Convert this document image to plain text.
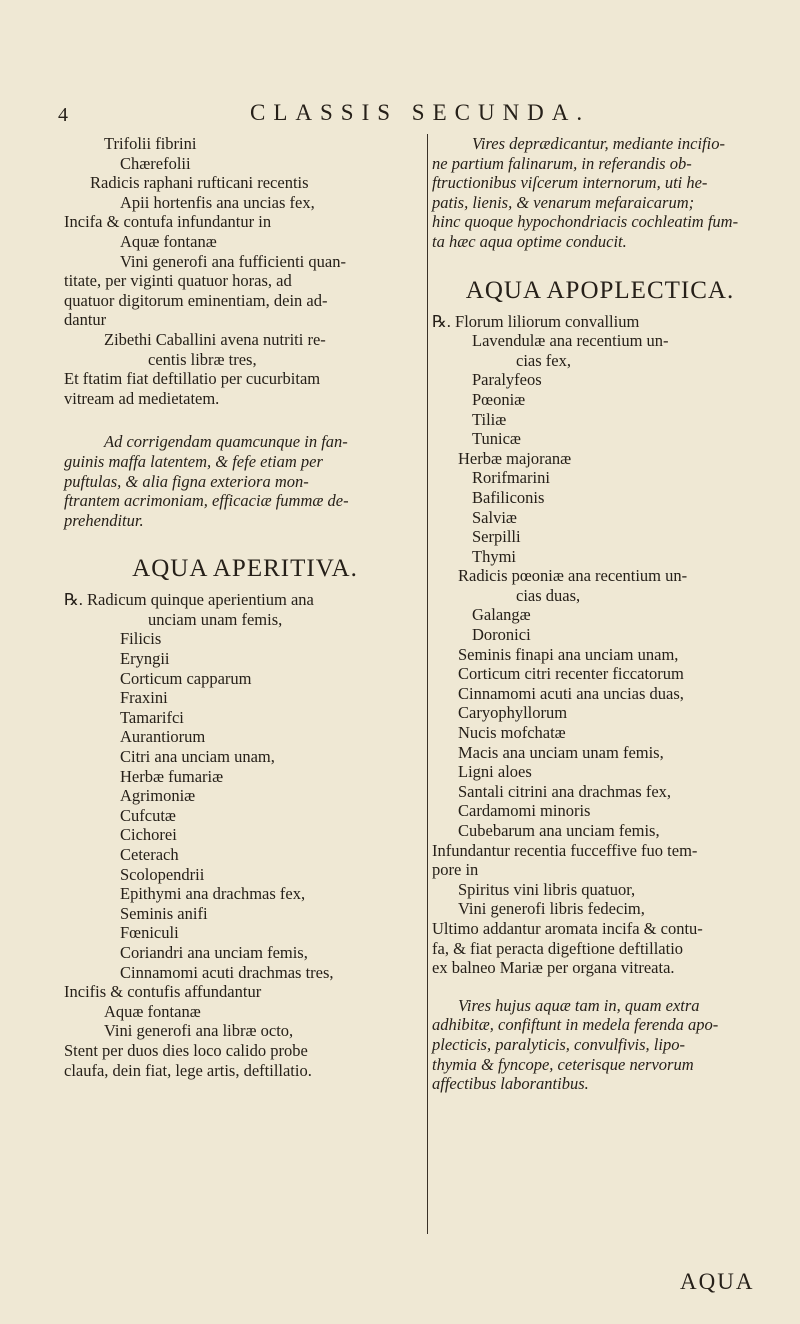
4	CLASSIS SECUNDA.
Trifolii fibrini
Chærefolii
Radicis raphani rufticani recentis
Apii hortenfis ana uncias fex,
Incifa & contufa infundantur in
Aquæ fontanæ
Vini generofi ana fufficienti quan-
titate, per viginti quatuor horas, ad
quatuor digitorum eminentiam, dein ad-
dantur
Zibethi Caballini avena nutriti re-
centis libræ tres,
Et ftatim fiat deftillatio per cucurbitam
vitream ad medietatem.
Ad corrigendam quamcunque in fan-
guinis maffa latentem, & fefe etiam per
puftulas, & alia figna exteriora mon-
ftrantem acrimoniam, efficaciæ fummæ de-
prehenditur.
AQUA APERITIVA.
℞. Radicum quinque aperientium ana
unciam unam femis,
Filicis
Eryngii
Corticum capparum
Fraxini
Tamarifci
Aurantiorum
Citri ana unciam unam,
Herbæ fumariæ
Agrimoniæ
Cufcutæ
Cichorei
Ceterach
Scolopendrii
Epithymi ana drachmas fex,
Seminis anifi
Fœniculi
Coriandri ana unciam femis,
Cinnamomi acuti drachmas tres,
Incifis & contufis affundantur
Aquæ fontanæ
Vini generofi ana libræ octo,
Stent per duos dies loco calido probe
claufa, dein fiat, lege artis, deftillatio.
Vires deprædicantur, mediante incifio-
ne partium falinarum, in referandis ob-
ftructionibus viſcerum internorum, uti he-
patis, lienis, & venarum mefaraicarum;
hinc quoque hypochondriacis cochleatim fum-
ta hæc aqua optime conducit.
AQUA APOPLECTICA.
℞. Florum liliorum convallium
Lavendulæ ana recentium un-
cias fex,
Paralyfeos
Pœoniæ
Tiliæ
Tunicæ
Herbæ majoranæ
Rorifmarini
Bafiliconis
Salviæ
Serpilli
Thymi
Radicis pœoniæ ana recentium un-
cias duas,
Galangæ
Doronici
Seminis finapi ana unciam unam,
Corticum citri recenter ficcatorum
Cinnamomi acuti ana uncias duas,
Caryophyllorum
Nucis mofchatæ
Macis ana unciam unam femis,
Ligni aloes
Santali citrini ana drachmas fex,
Cardamomi minoris
Cubebarum ana unciam femis,
Infundantur recentia fucceffive fuo tem-
pore in
Spiritus vini libris quatuor,
Vini generofi libris fedecim,
Ultimo addantur aromata incifa & contu-
fa, & fiat peracta digeftione deftillatio
ex balneo Mariæ per organa vitreata.
Vires hujus aquæ tam in, quam extra
adhibitæ, confiftunt in medela ferenda apo-
plecticis, paralyticis, convulfivis, lipo-
thymia & fyncope, ceterisque nervorum
affectibus laborantibus.
AQUA
